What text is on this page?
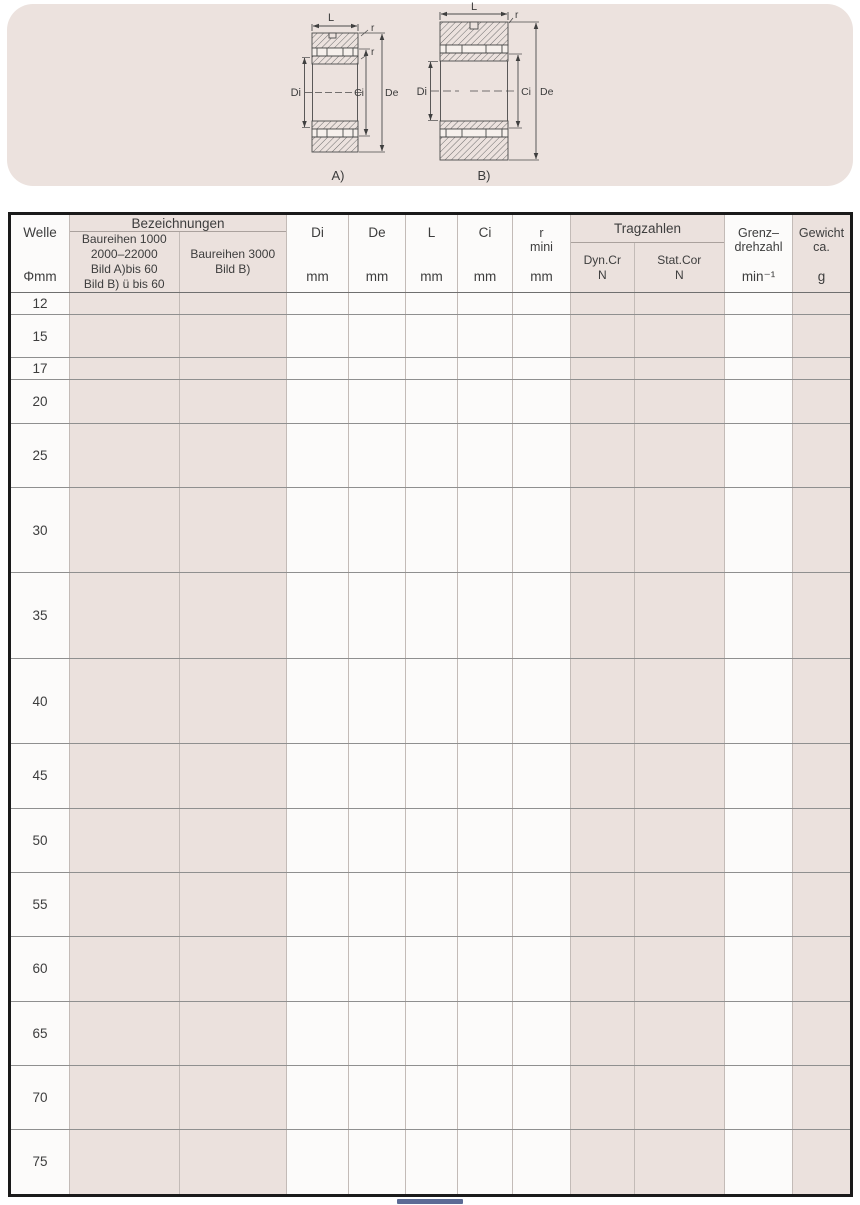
L
r
r
Di	Ci De
A)
L
r
Di	Ci De
B)
Welle
Φmm
Bezeichnungen
Baureihen 1000
2000–22000
Bild A)bis 60
Bild B) ü bis 60
Baureihen 3000
Bild B)
Di
mm
De
mm
L
mm
Ci
mm
r
mini
mm
Tragzahlen
Dyn.Cr
N
Stat.Cor
N
Grenz–
drehzahl
min⁻¹
Gewicht
ca.
g
12
15
17
20
25
30
35
40
45
50
55
60
65
70
75
